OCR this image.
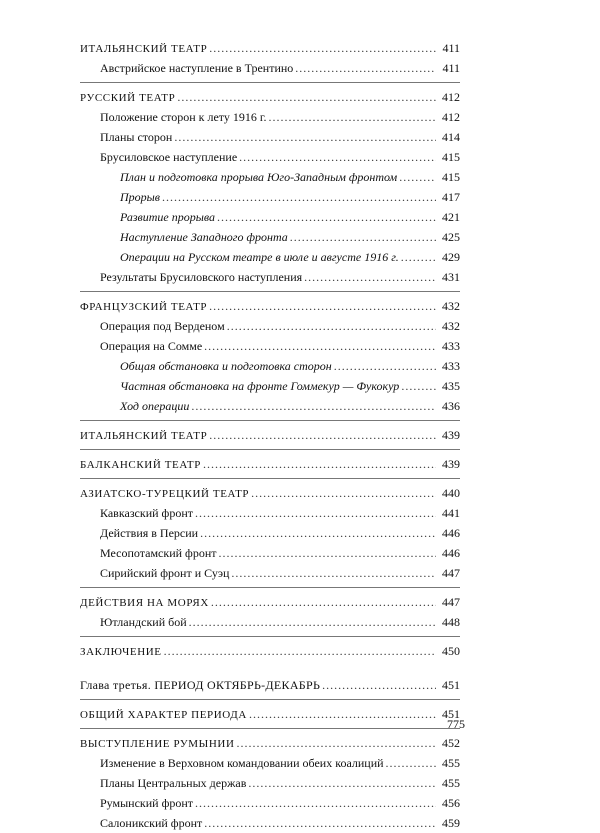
ИТАЛЬЯНСКИЙ ТЕАТР .....	411
Австрийское наступление в Трентино .....	411
РУССКИЙ ТЕАТР .....	412
Положение сторон к лету 1916 г. .....	412
Планы сторон .....	414
Брусиловское наступление .....	415
План и подготовка прорыва Юго-Западным фронтом .....	415
Прорыв .....	417
Развитие прорыва .....	421
Наступление Западного фронта .....	425
Операции на Русском театре в июле и августе 1916 г. .....	429
Результаты Брусиловского наступления .....	431
ФРАНЦУЗСКИЙ ТЕАТР .....	432
Операция под Верденом .....	432
Операция на Сомме .....	433
Общая обстановка и подготовка сторон .....	433
Частная обстановка на фронте Гоммекур — Фукокур .....	435
Ход операции .....	436
ИТАЛЬЯНСКИЙ ТЕАТР .....	439
БАЛКАНСКИЙ ТЕАТР .....	439
АЗИАТСКО-ТУРЕЦКИЙ ТЕАТР .....	440
Кавказский фронт .....	441
Действия в Персии .....	446
Месопотамский фронт .....	446
Сирийский фронт и Суэц .....	447
ДЕЙСТВИЯ НА МОРЯХ .....	447
Ютландский бой .....	448
ЗАКЛЮЧЕНИЕ .....	450
Глава третья. ПЕРИОД ОКТЯБРЬ-ДЕКАБРЬ .....	451
ОБЩИЙ ХАРАКТЕР ПЕРИОДА .....	451
ВЫСТУПЛЕНИЕ РУМЫНИИ .....	452
Изменение в Верховном командовании обеих коалиций .....	455
Планы Центральных держав .....	455
Румынский фронт .....	456
Салоникский фронт .....	459
775
